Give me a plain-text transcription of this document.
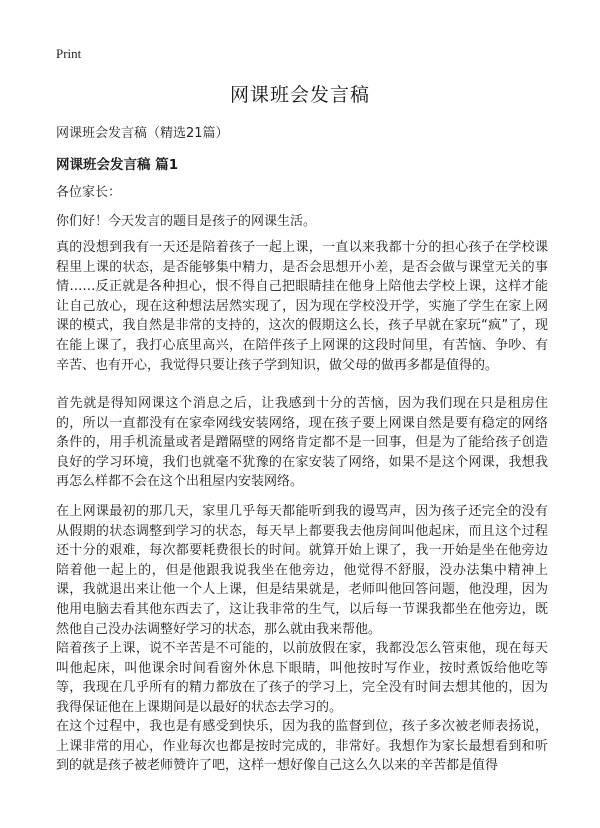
Print
网课班会发言稿
网课班会发言稿（精选21篇）
网课班会发言稿 篇1
各位家长：
你们好！今天发言的题目是孩子的网课生活。

真的没想到我有一天还是陪着孩子一起上课，一直以来我都十分的担心孩子在学校课程里上课的状态，是否能够集中精力，是否会思想开小差，是否会做与课堂无关的事情……反正就是各种担心，恨不得自己把眼睛挂在他身上陪他去学校上课，这样才能让自己放心，现在这种想法居然实现了，因为现在学校没开学，实施了学生在家上网课的模式，我自然是非常的支持的，这次的假期这么长，孩子早就在家玩“疯”了，现在能上课了，我打心底里高兴，在陪伴孩子上网课的这段时间里，有苦恼、争吵、有辛苦、也有开心，我觉得只要让孩子学到知识，做父母的做再多都是值得的。

首先就是得知网课这个消息之后，让我感到十分的苦恼，因为我们现在只是租房住的，所以一直都没有在家牵网线安装网络，现在孩子要上网课自然是要有稳定的网络条件的，用手机流量或者是蹭隔壁的网络肯定都不是一回事，但是为了能给孩子创造良好的学习环境，我们也就毫不犹豫的在家安装了网络，如果不是这个网课，我想我再怎么样都不会在这个出租屋内安装网络。

在上网课最初的那几天，家里几乎每天都能听到我的谩骂声，因为孩子还完全的没有从假期的状态调整到学习的状态，每天早上都要我去他房间叫他起床，而且这个过程还十分的艰难，每次都要耗费很长的时间。就算开始上课了，我一开始是坐在他旁边陪着他一起上的，但是他跟我说我坐在他旁边，他觉得不舒服，没办法集中精神上课，我就退出来让他一个人上课，但是结果就是，老师叫他回答问题，他没理，因为他用电脑去看其他东西去了，这让我非常的生气，以后每一节课我都坐在他旁边，既然他自己没办法调整好学习的状态，那么就由我来帮他。

陪着孩子上课，说不辛苦是不可能的，以前放假在家，我都没怎么管束他，现在每天叫他起床，叫他课余时间看窗外休息下眼睛，叫他按时写作业，按时煮饭给他吃等等，我现在几乎所有的精力都放在了孩子的学习上，完全没有时间去想其他的，因为我得保证他在上课期间是以最好的状态去学习的。

在这个过程中，我也是有感受到快乐，因为我的监督到位，孩子多次被老师表扬说，上课非常的用心，作业每次也都是按时完成的，非常好。我想作为家长最想看到和听到的就是孩子被老师赞许了吧，这样一想好像自己这么久以来的辛苦都是值得
